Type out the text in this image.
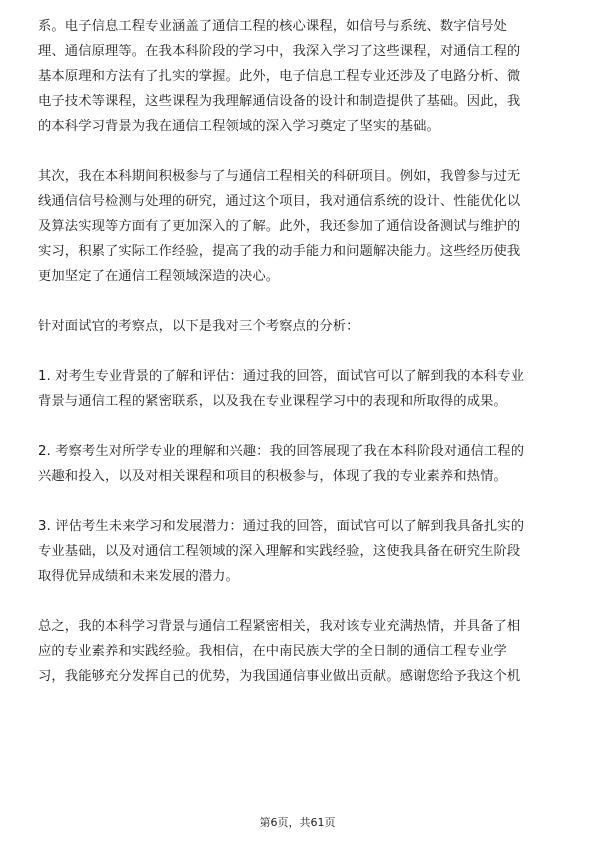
系。电子信息工程专业涵盖了通信工程的核心课程，如信号与系统、数字信号处
理、通信原理等。在我本科阶段的学习中，我深入学习了这些课程，对通信工程的
基本原理和方法有了扎实的掌握。此外，电子信息工程专业还涉及了电路分析、微
电子技术等课程，这些课程为我理解通信设备的设计和制造提供了基础。因此，我
的本科学习背景为我在通信工程领域的深入学习奠定了坚实的基础。

其次，我在本科期间积极参与了与通信工程相关的科研项目。例如，我曾参与过无
线通信信号检测与处理的研究，通过这个项目，我对通信系统的设计、性能优化以
及算法实现等方面有了更加深入的了解。此外，我还参加了通信设备测试与维护的
实习，积累了实际工作经验，提高了我的动手能力和问题解决能力。这些经历使我
更加坚定了在通信工程领域深造的决心。

针对面试官的考察点，以下是我对三个考察点的分析：

1. 对考生专业背景的了解和评估：通过我的回答，面试官可以了解到我的本科专业
背景与通信工程的紧密联系，以及我在专业课程学习中的表现和所取得的成果。

2. 考察考生对所学专业的理解和兴趣：我的回答展现了我在本科阶段对通信工程的
兴趣和投入，以及对相关课程和项目的积极参与，体现了我的专业素养和热情。

3. 评估考生未来学习和发展潜力：通过我的回答，面试官可以了解到我具备扎实的
专业基础，以及对通信工程领域的深入理解和实践经验，这使我具备在研究生阶段
取得优异成绩和未来发展的潜力。

总之，我的本科学习背景与通信工程紧密相关，我对该专业充满热情，并具备了相
应的专业素养和实践经验。我相信，在中南民族大学的全日制的通信工程专业学
习，我能够充分发挥自己的优势，为我国通信事业做出贡献。感谢您给予我这个机

第6页，共61页
